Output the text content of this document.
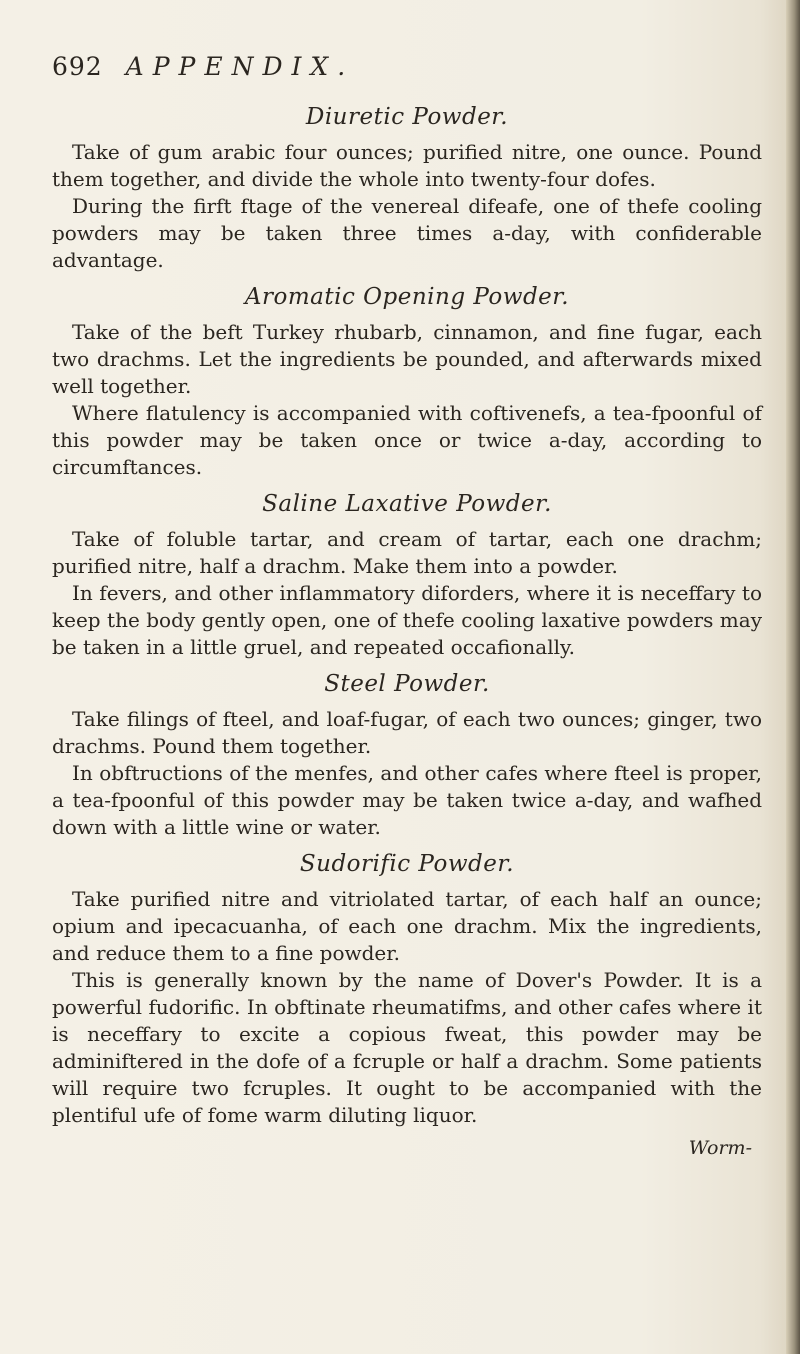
692 APPENDIX.
Diuretic Powder.

Take of gum arabic four ounces; purified nitre, one ounce. Pound them together, and divide the whole into twenty-four dofes.

During the firft ftage of the venereal difeafe, one of thefe cooling powders may be taken three times a-day, with confiderable advantage.

Aromatic Opening Powder.

Take of the beft Turkey rhubarb, cinnamon, and fine fugar, each two drachms. Let the ingredients be pounded, and afterwards mixed well together.

Where flatulency is accompanied with coftivenefs, a tea-fpoonful of this powder may be taken once or twice a-day, according to circumftances.

Saline Laxative Powder.

Take of foluble tartar, and cream of tartar, each one drachm; purified nitre, half a drachm. Make them into a powder.

In fevers, and other inflammatory diforders, where it is neceffary to keep the body gently open, one of thefe cooling laxative powders may be taken in a little gruel, and repeated occafionally.

Steel Powder.

Take filings of fteel, and loaf-fugar, of each two ounces; ginger, two drachms. Pound them together.

In obftructions of the menfes, and other cafes where fteel is proper, a tea-fpoonful of this powder may be taken twice a-day, and wafhed down with a little wine or water.

Sudorific Powder.

Take purified nitre and vitriolated tartar, of each half an ounce; opium and ipecacuanha, of each one drachm. Mix the ingredients, and reduce them to a fine powder.

This is generally known by the name of Dover's Powder. It is a powerful fudorific. In obftinate rheumatifms, and other cafes where it is neceffary to excite a copious fweat, this powder may be adminiftered in the dofe of a fcruple or half a drachm. Some patients will require two fcruples. It ought to be accompanied with the plentiful ufe of fome warm diluting liquor.

Worm-
